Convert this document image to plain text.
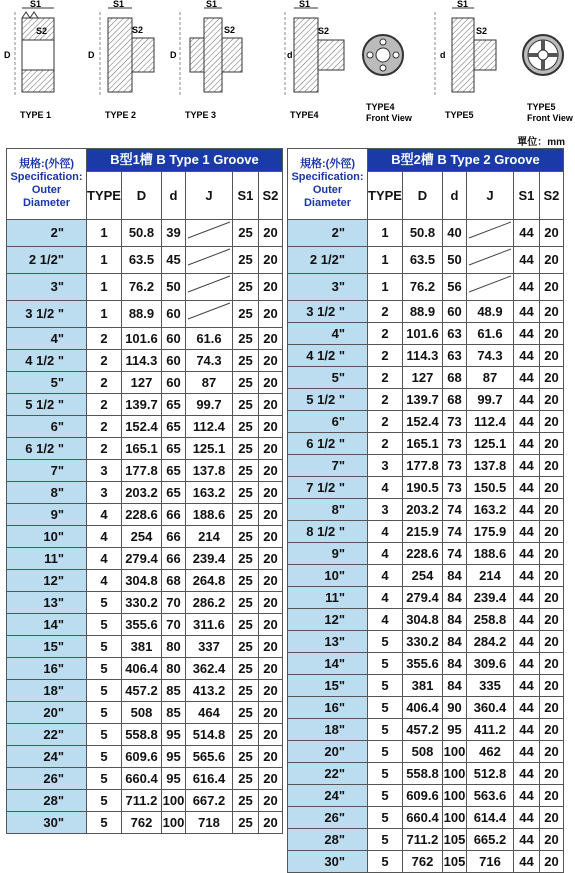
S1
S2
D
TYPE 1
S1
S2
D
TYPE 2
S1
S2
D
TYPE 3
S1
S2
d
TYPE4
TYPE4
Front View
S1
S2
d
TYPE5
TYPE5
Front View
單位：mm
規格:(外徑)
Specification:
Outer Diameter	B型1槽 B Type 1 Groove					
	TYPE	D	d	J	S1	S2
2"	1	50.8	39		25	20
2 1/2"	1	63.5	45		25	20
3"	1	76.2	50		25	20
3 1/2 "	1	88.9	60		25	20
4"	2	101.6	60	61.6	25	20
4 1/2 "	2	114.3	60	74.3	25	20
5"	2	127	60	87	25	20
5 1/2 "	2	139.7	65	99.7	25	20
6"	2	152.4	65	112.4	25	20
6 1/2 "	2	165.1	65	125.1	25	20
7"	3	177.8	65	137.8	25	20
8"	3	203.2	65	163.2	25	20
9"	4	228.6	66	188.6	25	20
10"	4	254	66	214	25	20
11"	4	279.4	66	239.4	25	20
12"	4	304.8	68	264.8	25	20
13"	5	330.2	70	286.2	25	20
14"	5	355.6	70	311.6	25	20
15"	5	381	80	337	25	20
16"	5	406.4	80	362.4	25	20
18"	5	457.2	85	413.2	25	20
20"	5	508	85	464	25	20
22"	5	558.8	95	514.8	25	20
24"	5	609.6	95	565.6	25	20
26"	5	660.4	95	616.4	25	20
28"	5	711.2	100	667.2	25	20
30"	5	762	100	718	25	20
規格:(外徑)
Specification:
Outer Diameter	B型2槽 B Type 2 Groove					
	TYPE	D	d	J	S1	S2
2"	1	50.8	40		44	20
2 1/2"	1	63.5	50		44	20
3"	1	76.2	56		44	20
3 1/2 "	2	88.9	60	48.9	44	20
4"	2	101.6	63	61.6	44	20
4 1/2 "	2	114.3	63	74.3	44	20
5"	2	127	68	87	44	20
5 1/2 "	2	139.7	68	99.7	44	20
6"	2	152.4	73	112.4	44	20
6 1/2 "	2	165.1	73	125.1	44	20
7"	3	177.8	73	137.8	44	20
7 1/2 "	4	190.5	73	150.5	44	20
8"	3	203.2	74	163.2	44	20
8 1/2 "	4	215.9	74	175.9	44	20
9"	4	228.6	74	188.6	44	20
10"	4	254	84	214	44	20
11"	4	279.4	84	239.4	44	20
12"	4	304.8	84	258.8	44	20
13"	5	330.2	84	284.2	44	20
14"	5	355.6	84	309.6	44	20
15"	5	381	84	335	44	20
16"	5	406.4	90	360.4	44	20
18"	5	457.2	95	411.2	44	20
20"	5	508	100	462	44	20
22"	5	558.8	100	512.8	44	20
24"	5	609.6	100	563.6	44	20
26"	5	660.4	100	614.4	44	20
28"	5	711.2	105	665.2	44	20
30"	5	762	105	716	44	20
